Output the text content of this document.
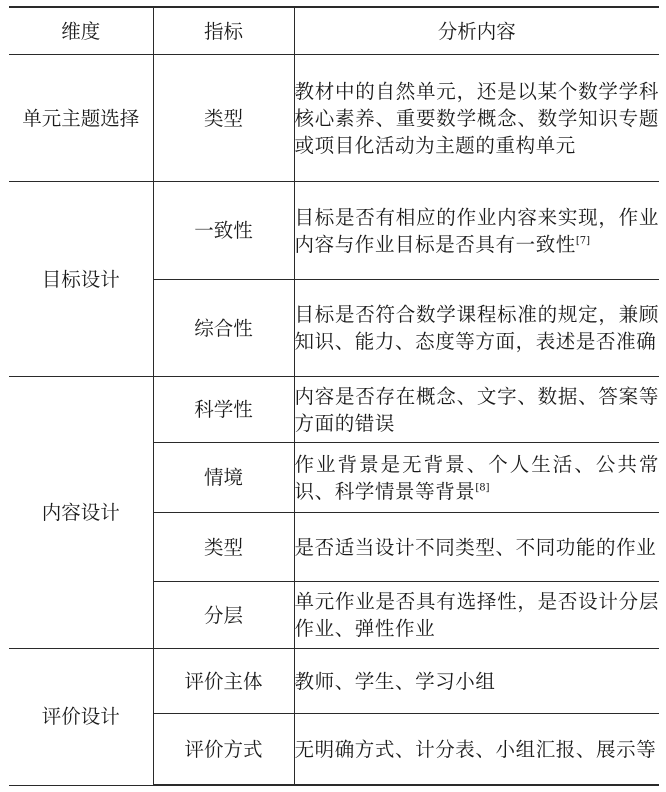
维度	指标	分析内容
单元主题选择	类型	教材中的自然单元，还是以某个数学学科核心素养、重要数学概念、数学知识专题或项目化活动为主题的重构单元
目标设计	一致性	目标是否有相应的作业内容来实现，作业内容与作业目标是否具有一致性[7]
	综合性	目标是否符合数学课程标准的规定，兼顾知识、能力、态度等方面，表述是否准确
内容设计	科学性	内容是否存在概念、文字、数据、答案等方面的错误
	情境	作业背景是无背景、个人生活、公共常识、科学情景等背景[8]
	类型	是否适当设计不同类型、不同功能的作业
	分层	单元作业是否具有选择性，是否设计分层作业、弹性作业
评价设计	评价主体	教师、学生、学习小组
	评价方式	无明确方式、计分表、小组汇报、展示等
